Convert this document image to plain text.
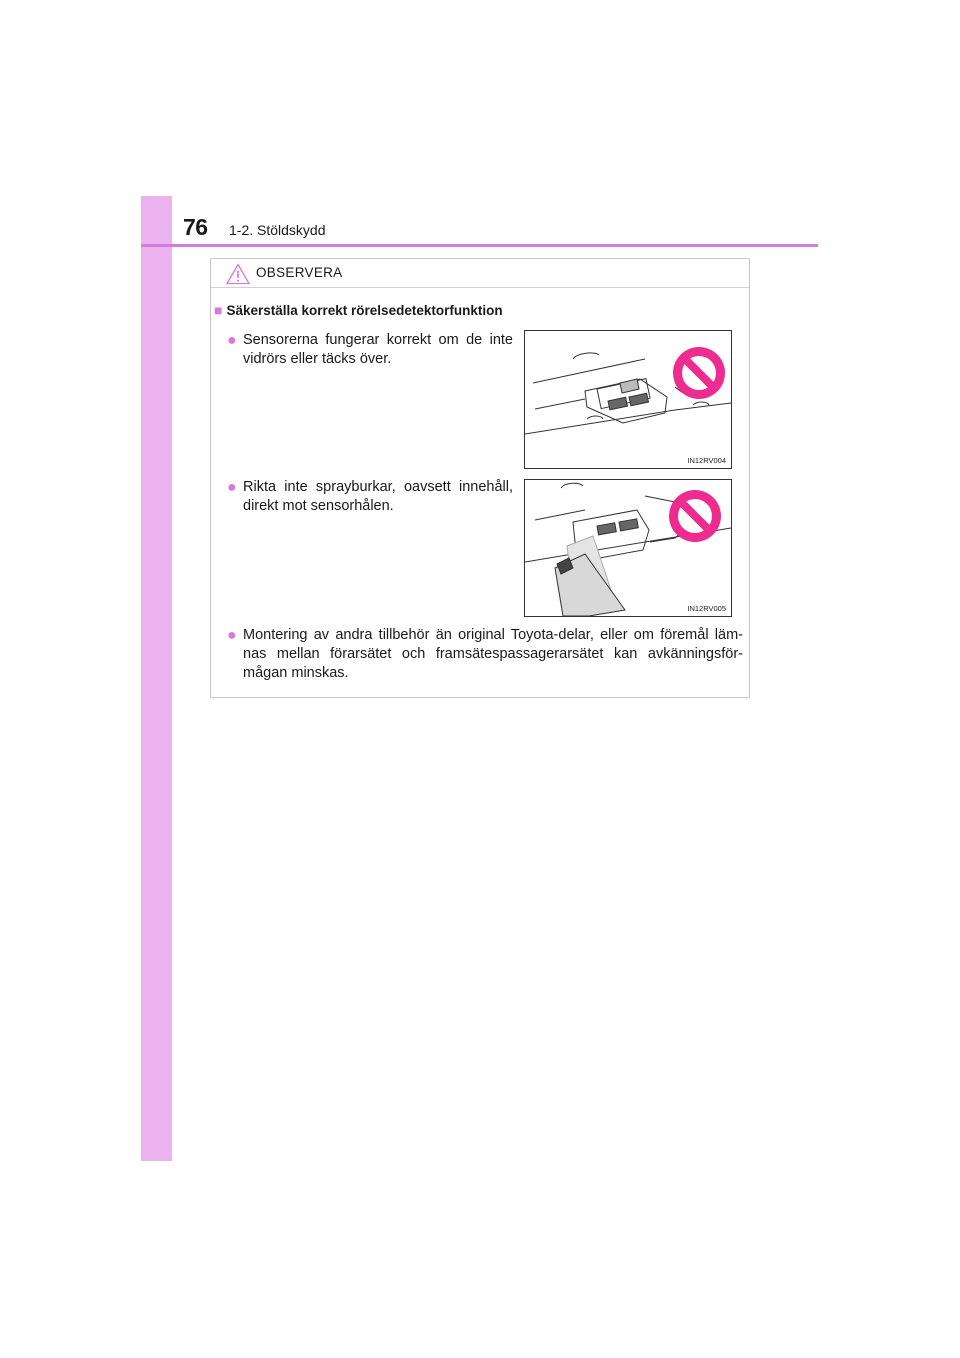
76 1-2. Stöldskydd
OBSERVERA
■ Säkerställa korrekt rörelsedetektorfunktion
● Sensorerna fungerar korrekt om de inte vidrörs eller täcks över.
IN12RV004
● Rikta inte sprayburkar, oavsett innehåll, direkt mot sensorhålen.
IN12RV005
● Montering av andra tillbehör än original Toyota-delar, eller om föremål läm-nas mellan förarsätet och framsätespassagerarsätet kan avkänningsför-mågan minskas.
